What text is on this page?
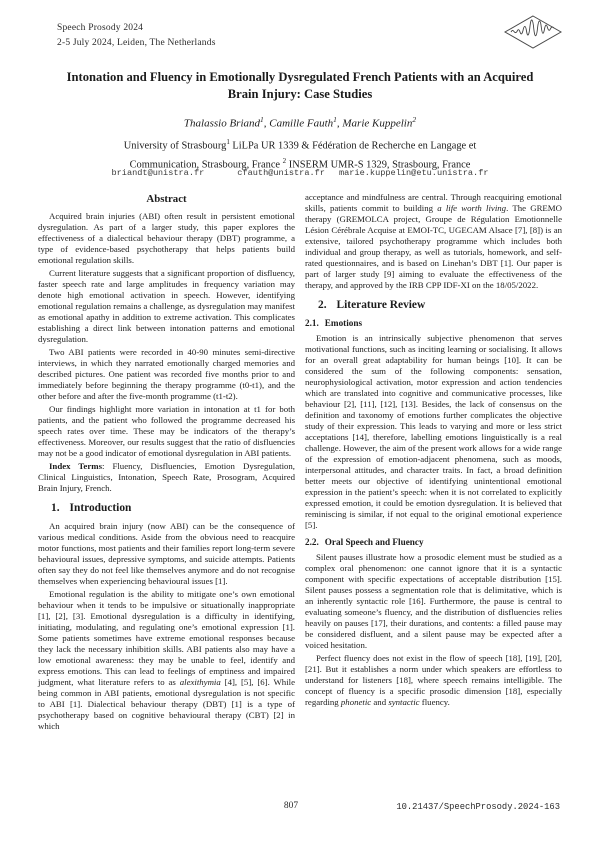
Speech Prosody 2024
2-5 July 2024, Leiden, The Netherlands
Intonation and Fluency in Emotionally Dysregulated French Patients with an Acquired Brain Injury: Case Studies
Thalassio Briand$^1$, Camille Fauth$^1$, Marie Kuppelin$^2$
University of Strasbourg$^1$ LiLPa UR 1339 & Fédération de Recherche en Langage et Communication, Strasbourg, France $^2$ INSERM UMR-S 1329, Strasbourg, France
briandt@unistra.fr	cfauth@unistra.fr marie.kuppelin@etu.unistra.fr
Abstract

Acquired brain injuries (ABI) often result in persistent emotional dysregulation. As part of a larger study, this paper explores the effectiveness of a dialectical behaviour therapy (DBT) programme, a type of evidence-based psychotherapy that helps patients build emotional regulation skills.

Current literature suggests that a significant proportion of disfluency, faster speech rate and large amplitudes in frequency variation may denote high emotional activation in speech. However, identifying emotional regulation remains a challenge, as dysregulation may manifest as emotional apathy in addition to extreme activation. This complicates establishing a direct link between intonation patterns and emotional dysregulation.

Two ABI patients were recorded in 40-90 minutes semi-directive interviews, in which they narrated emotionally charged memories and described pictures. One patient was recorded five months prior to and immediately before beginning the therapy programme (t0-t1), and the other before and after the five-month programme (t1-t2).

Our findings highlight more variation in intonation at t1 for both patients, and the patient who followed the programme decreased his speech rates over time. These may be indicators of the therapy’s effectiveness. Moreover, our results suggest that the ratio of disfluencies may not be a good indicator of emotional dysregulation in ABI patients.

Index Terms: Fluency, Disfluencies, Emotion Dysregulation, Clinical Linguistics, Intonation, Speech Rate, Prosogram, Acquired Brain Injury, French.

1. Introduction

An acquired brain injury (now ABI) can be the consequence of various medical conditions. Aside from the obvious need to reacquire motor functions, most patients and their families report long-term severe behavioural issues, depressive symptoms, and suicide attempts. Patients often say they do not feel like themselves anymore and do not recognise themselves when experiencing behavioural issues [1].

Emotional regulation is the ability to mitigate one’s own emotional behaviour when it tends to be impulsive or situationally inappropriate [1], [2], [3]. Emotional dysregulation is a difficulty in identifying, initiating, modulating, and regulating one’s emotional expression [1]. Some patients sometimes have extreme emotional responses because they lack the necessary inhibition skills. ABI patients also may have a low emotional awareness: they may be unable to feel, identify and express emotions. This can lead to feelings of emptiness and impaired judgment, what literature refers to as alexithymia [4], [5], [6]. While being common in ABI patients, emotional dysregulation is not specific to ABI [1]. Dialectical behaviour therapy (DBT) [1] is a type of psychotherapy based on cognitive behavioural therapy (CBT) [2] in which

acceptance and mindfulness are central. Through reacquiring emotional skills, patients commit to building a life worth living. The GREMO therapy (GREMOLCA project, Groupe de Régulation Emotionnelle Lésion Cérébrale Acquise at EMOI-TC, UGECAM Alsace [7], [8]) is an extensive, tailored psychotherapy programme which includes both individual and group therapy, as well as tutorials, homework, and self-rated questionnaires, and is based on Linehan’s DBT [1]. Our paper is part of larger study [9] aiming to evaluate the effectiveness of the therapy, and approved by the IRB CPP IDF-XI on the 18/05/2022.

2. Literature Review
2.1. Emotions

Emotion is an intrinsically subjective phenomenon that serves motivational functions, such as inciting learning or socialising. It allows for an overall great adaptability for human beings [10]. It can be considered the sum of the following components: sensation, neurophysiological activation, motor expression and action tendencies which are translated into cognitive and communicative processes, like behaviour [2], [11], [12], [13]. Besides, the lack of consensus on the definition and taxonomy of emotions further complicates the objective study of their expression. This leads to varying and more or less strict acceptations [14], therefore, labelling emotions linguistically is a real challenge. However, the aim of the present work allows for a wide range of the expression of emotion-adjacent phenomena, such as moods, interpersonal attitudes, and character traits. In fact, a broad definition better meets our objective of identifying unintentional emotional expression in the patient’s speech: when it is not correlated to explicitly expressed emotion, it could be emotion dysregulation. It is believed that reminiscing is similar, if not equal to the original emotional experience [5].

2.2. Oral Speech and Fluency

Silent pauses illustrate how a prosodic element must be studied as a complex oral phenomenon: one cannot ignore that it is a syntactic component with specific expectations of acceptable distribution [15]. Silent pauses possess a segmentation role that is delimitative, which is an inherently syntactic role [16]. Furthermore, the pause is central to evaluating someone’s fluency, and the distribution of disfluencies relies heavily on pauses [17], their durations, and contents: a filled pause may be considered disfluent, and a silent pause may be expected after a voiced hesitation.

Perfect fluency does not exist in the flow of speech [18], [19], [20], [21]. But it establishes a norm under which speakers are effortless to understand for listeners [18], where speech remains intelligible. The concept of fluency is a specific prosodic dimension [18], especially regarding phonetic and syntactic fluency.

807	10.21437/SpeechProsody.2024-163
